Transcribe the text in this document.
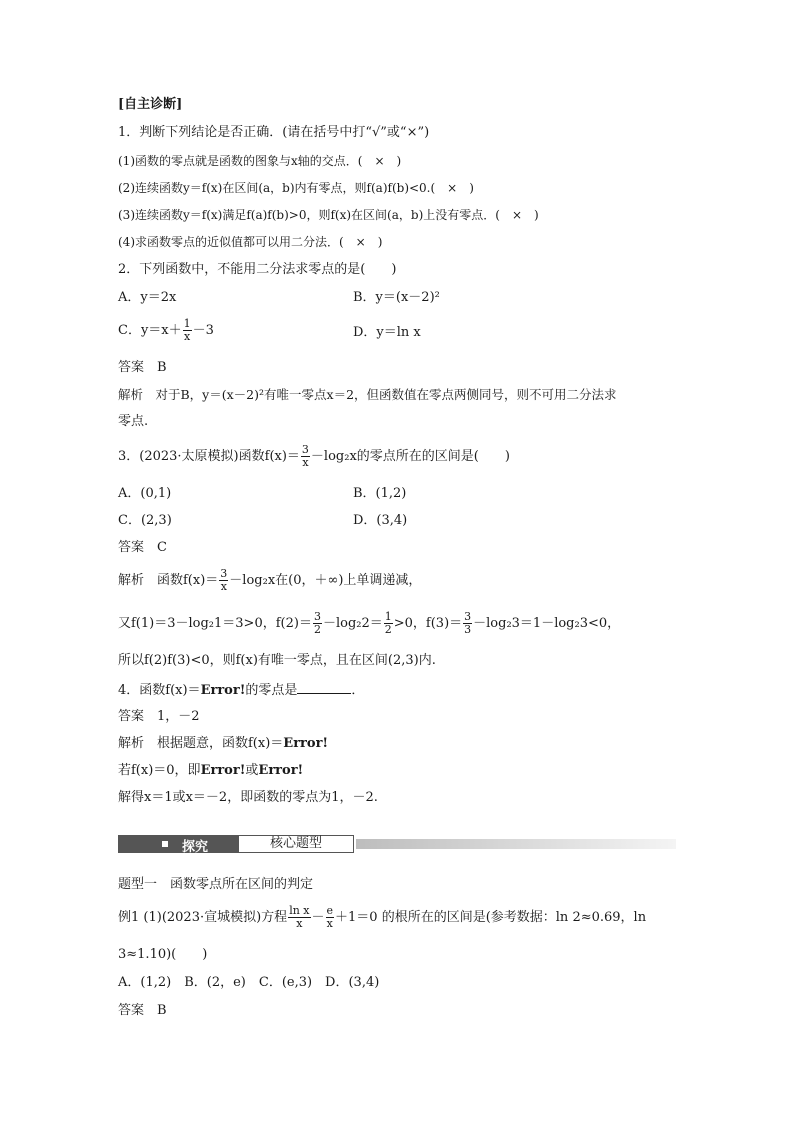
[自主诊断]
1．判断下列结论是否正确．(请在括号中打“√”或“×”)
(1)函数的零点就是函数的图象与x轴的交点．(　×　)
(2)连续函数y＝f(x)在区间(a，b)内有零点，则f(a)f(b)<0.(　×　)
(3)连续函数y＝f(x)满足f(a)f(b)>0，则f(x)在区间(a，b)上没有零点．(　×　)
(4)求函数零点的近似值都可以用二分法．(　×　)
2．下列函数中，不能用二分法求零点的是(　　)
A．y＝2x	B．y＝(x－2)²
C．$y=x+ \frac{1}{x} -3$	D．y＝ln x
答案　B
解析　对于B，y＝(x－2)²有唯一零点x＝2，但函数值在零点两侧同号，则不可用二分法求
零点.
3．(2023·太原模拟)函数$f(x)= \frac{3}{x} -\log_2x$的零点所在的区间是(　　)
A．(0,1)	B．(1,2)
C．(2,3)	D．(3,4)
答案　C
解析　函数$f(x)= \frac{3}{x} -\log_2x$在(0，＋∞)上单调递减，
又f(1)＝3－log₂1＝3>0，$f(2)= \frac{3}{2} -\log_22= \frac{1}{2} >0$，$f(3)= \frac{3}{3} -\log_23=1-\log_23<0$，
所以f(2)f(3)<0，则f(x)有唯一零点，且在区间(2,3)内.
4．函数f(x)＝Error!的零点是	．
答案　1，－2
解析　根据题意，函数f(x)＝Error!
若f(x)＝0，即Error!或Error!
解得x＝1或x＝－2，即函数的零点为1，－2.
探究	核心题型
题型一　函数零点所在区间的判定
例1 (1)(2023·宣城模拟)方程 $\frac{\text{ln x}}{x} - \frac{e}{x} +1=0$ 的根所在的区间是(参考数据：ln 2≈0.69，ln
3≈1.10)(　　)
A．(1,2)　B．(2，e)　C．(e,3)　D．(3,4)
答案　B
